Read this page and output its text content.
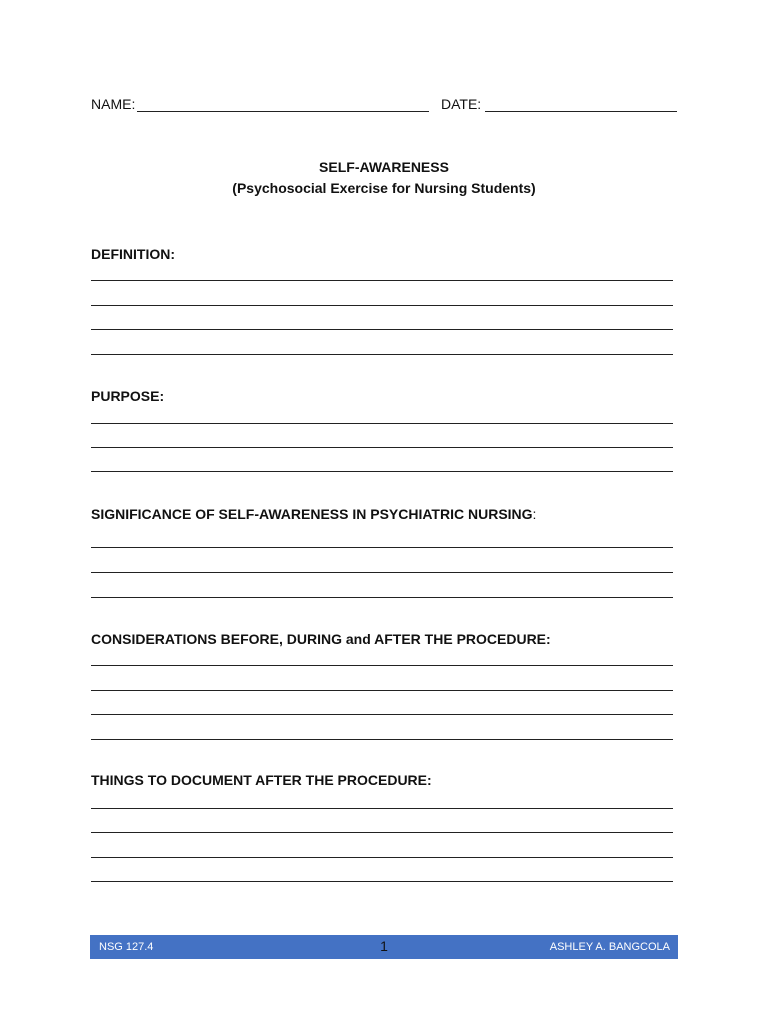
NAME:	DATE:
SELF-AWARENESS
(Psychosocial Exercise for Nursing Students)
DEFINITION:
PURPOSE:
SIGNIFICANCE OF SELF-AWARENESS IN PSYCHIATRIC NURSING:
CONSIDERATIONS BEFORE, DURING and AFTER THE PROCEDURE:
THINGS TO DOCUMENT AFTER THE PROCEDURE:
NSG 127.4	1	ASHLEY A. BANGCOLA
